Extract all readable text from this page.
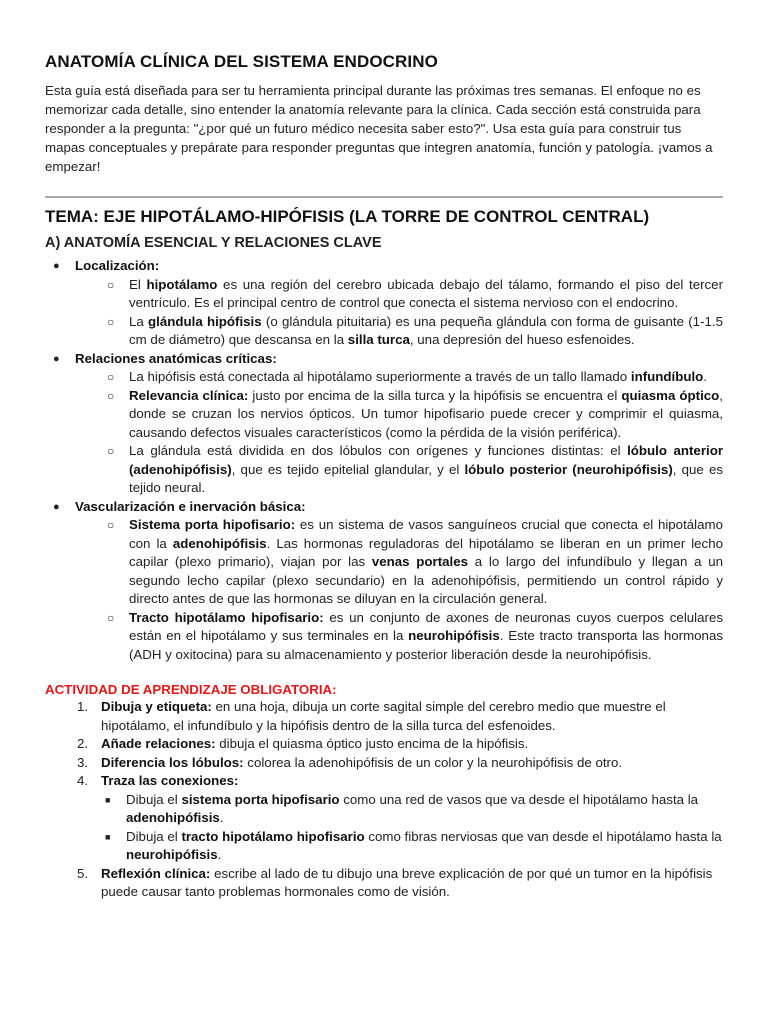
ANATOMÍA CLÍNICA DEL SISTEMA ENDOCRINO

Esta guía está diseñada para ser tu herramienta principal durante las próximas tres semanas. El enfoque no es memorizar cada detalle, sino entender la anatomía relevante para la clínica. Cada sección está construida para responder a la pregunta: "¿por qué un futuro médico necesita saber esto?". Usa esta guía para construir tus mapas conceptuales y prepárate para responder preguntas que integren anatomía, función y patología. ¡vamos a empezar!

TEMA: EJE HIPOTÁLAMO-HIPÓFISIS (LA TORRE DE CONTROL CENTRAL)
A) ANATOMÍA ESENCIAL Y RELACIONES CLAVE
● Localización:
○ El hipotálamo es una región del cerebro ubicada debajo del tálamo, formando el piso del tercer ventrículo. Es el principal centro de control que conecta el sistema nervioso con el endocrino.
○ La glándula hipófisis (o glándula pituitaria) es una pequeña glándula con forma de guisante (1-1.5 cm de diámetro) que descansa en la silla turca, una depresión del hueso esfenoides.
● Relaciones anatómicas críticas:
○ La hipófisis está conectada al hipotálamo superiormente a través de un tallo llamado infundíbulo.
○ Relevancia clínica: justo por encima de la silla turca y la hipófisis se encuentra el quiasma óptico, donde se cruzan los nervios ópticos. Un tumor hipofisario puede crecer y comprimir el quiasma, causando defectos visuales característicos (como la pérdida de la visión periférica).
○ La glándula está dividida en dos lóbulos con orígenes y funciones distintas: el lóbulo anterior (adenohipófisis), que es tejido epitelial glandular, y el lóbulo posterior (neurohipófisis), que es tejido neural.
● Vascularización e inervación básica:
○ Sistema porta hipofisario: es un sistema de vasos sanguíneos crucial que conecta el hipotálamo con la adenohipófisis. Las hormonas reguladoras del hipotálamo se liberan en un primer lecho capilar (plexo primario), viajan por las venas portales a lo largo del infundíbulo y llegan a un segundo lecho capilar (plexo secundario) en la adenohipófisis, permitiendo un control rápido y directo antes de que las hormonas se diluyan en la circulación general.
○ Tracto hipotálamo hipofisario: es un conjunto de axones de neuronas cuyos cuerpos celulares están en el hipotálamo y sus terminales en la neurohipófisis. Este tracto transporta las hormonas (ADH y oxitocina) para su almacenamiento y posterior liberación desde la neurohipófisis.
ACTIVIDAD DE APRENDIZAJE OBLIGATORIA:
1. Dibuja y etiqueta: en una hoja, dibuja un corte sagital simple del cerebro medio que muestre el hipotálamo, el infundíbulo y la hipófisis dentro de la silla turca del esfenoides.
2. Añade relaciones: dibuja el quiasma óptico justo encima de la hipófisis.
3. Diferencia los lóbulos: colorea la adenohipófisis de un color y la neurohipófisis de otro.
4. Traza las conexiones:
■ Dibuja el sistema porta hipofisario como una red de vasos que va desde el hipotálamo hasta la adenohipófisis.
■ Dibuja el tracto hipotálamo hipofisario como fibras nerviosas que van desde el hipotálamo hasta la neurohipófisis.
5. Reflexión clínica: escribe al lado de tu dibujo una breve explicación de por qué un tumor en la hipófisis puede causar tanto problemas hormonales como de visión.
